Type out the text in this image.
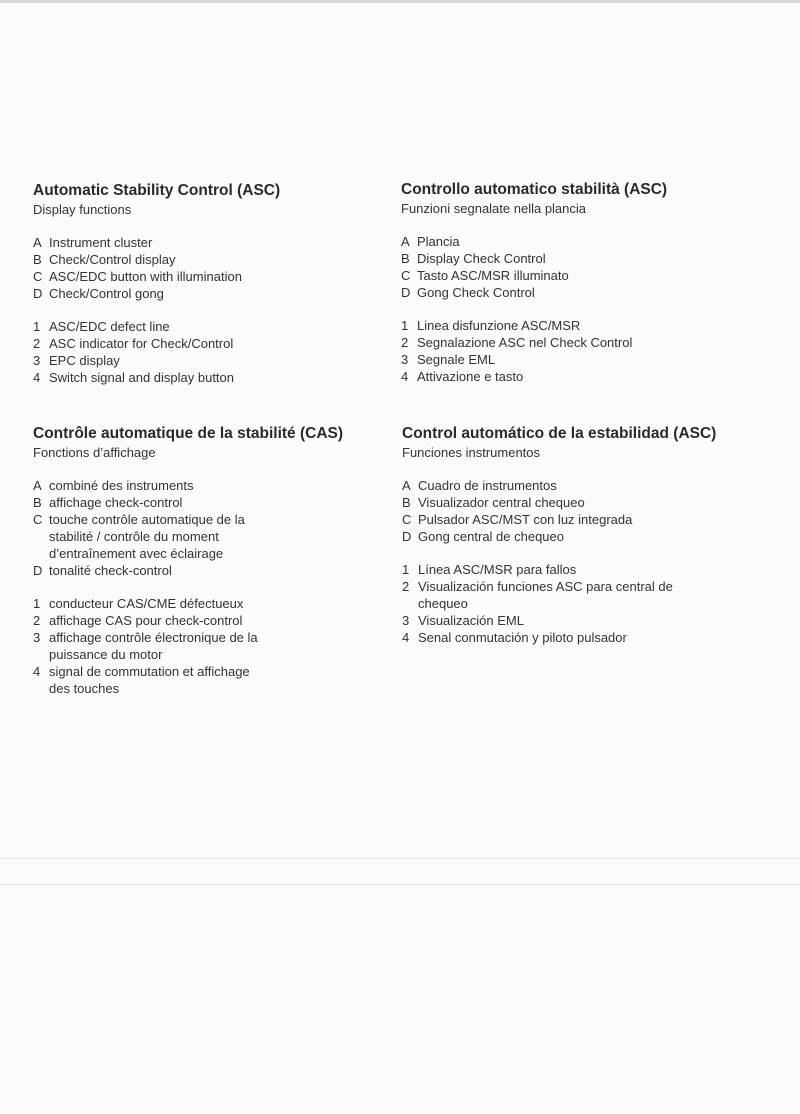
Automatic Stability Control (ASC)
Display functions
A Instrument cluster
B Check/Control display
C ASC/EDC button with illumination
D Check/Control gong
1 ASC/EDC defect line
2 ASC indicator for Check/Control
3 EPC display
4 Switch signal and display button
Controllo automatico stabilità (ASC)
Funzioni segnalate nella plancia
A Plancia
B Display Check Control
C Tasto ASC/MSR illuminato
D Gong Check Control
1 Linea disfunzione ASC/MSR
2 Segnalazione ASC nel Check Control
3 Segnale EML
4 Attivazione e tasto
Contrôle automatique de la stabilité (CAS)
Fonctions d’affichage
A combiné des instruments
B affichage check-control
C touche contrôle automatique de la stabilité / contrôle du moment d’entraînement avec éclairage
D tonalité check-control
1 conducteur CAS/CME défectueux
2 affichage CAS pour check-control
3 affichage contrôle électronique de la puissance du motor
4 signal de commutation et affichage des touches
Control automático de la estabilidad (ASC)
Funciones instrumentos
A Cuadro de instrumentos
B Visualizador central chequeo
C Pulsador ASC/MST con luz integrada
D Gong central de chequeo
1 Línea ASC/MSR para fallos
2 Visualización funciones ASC para central de chequeo
3 Visualización EML
4 Senal conmutación y piloto pulsador
